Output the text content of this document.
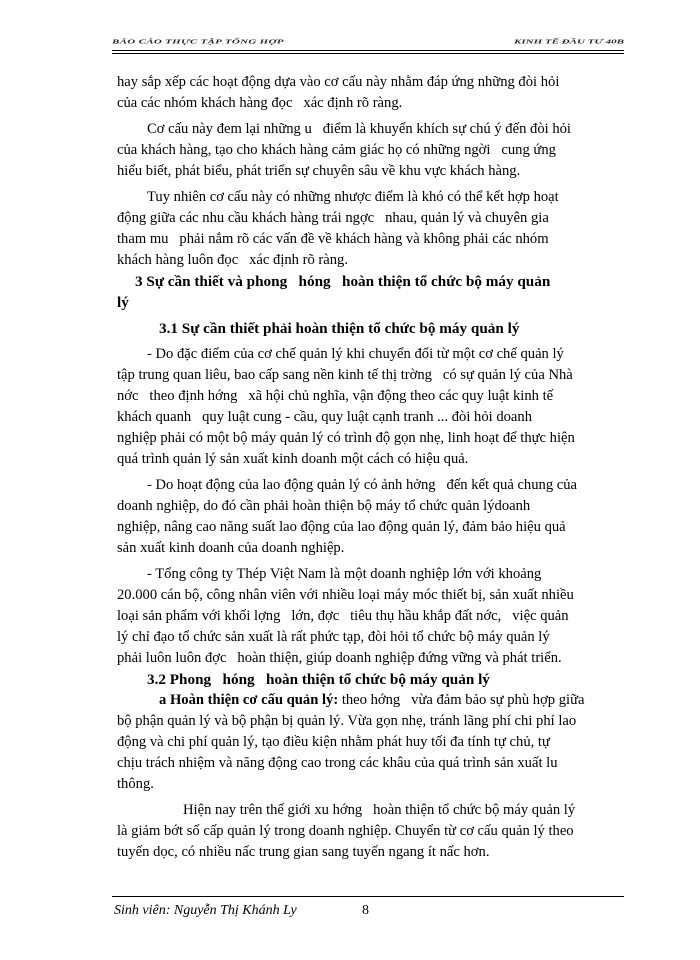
BÁO CÁO THỰC TẬP TỔNG HỢP	KINH TẾ ĐẦU TƯ 40B
hay sắp xếp các hoạt động dựa vào cơ cấu này nhằm đáp ứng những đòi hỏi
của các nhóm khách hàng đọc   xác định rõ ràng.
Cơ cấu này đem lại những u   điểm là khuyến khích sự chú ý đến đòi hỏi
của khách hàng, tạo cho khách hàng cảm giác họ có những ngời   cung ứng
hiểu biết, phát biểu, phát triển sự chuyên sâu về khu vực khách hàng.
Tuy nhiên cơ cấu này có những nhược điểm là khó có thể kết hợp hoạt
động giữa các nhu cầu khách hàng trái ngợc   nhau, quản lý và chuyên gia
tham mu   phải nắm rõ các vấn đề về khách hàng và không phải các nhóm
khách hàng luôn đọc   xác định rõ ràng.
3 Sự cần thiết và phong   hóng   hoàn thiện tổ chức bộ máy quản
lý
3.1 Sự cần thiết phải hoàn thiện tổ chức bộ máy quản lý
- Do đặc điểm của cơ chế quản lý khi chuyển đổi từ một cơ chế quản lý
tập trung quan liêu, bao cấp sang nền kinh tế thị trờng   có sự quản lý của Nhà
nớc   theo định hớng   xã hội chủ nghĩa, vận động theo các quy luật kinh tế
khách quanh   quy luật cung - cầu, quy luật cạnh tranh ... đòi hỏi doanh
nghiệp phải có một bộ máy quản lý có trình độ gọn nhẹ, linh hoạt để thực hiện
quá trình quản lý sản xuất kinh doanh một cách có hiệu quả.
- Do hoạt động của lao động quản lý có ảnh hởng   đến kết quả chung của
doanh nghiệp, do đó cần phải hoàn thiện bộ máy tổ chức quản lýdoanh
nghiệp, nâng cao năng suất lao động của lao động quản lý, đảm bảo hiệu quả
sản xuất kinh doanh của doanh nghiệp.
- Tổng công ty Thép Việt Nam là một doanh nghiệp lớn với khoảng
20.000 cán bộ, công nhân viên với nhiều loại máy móc thiết bị, sản xuất nhiều
loại sản phẩm với khối lợng   lớn, đợc   tiêu thụ hầu khắp đất nớc,   việc quản
lý chỉ đạo tổ chức sản xuất là rất phức tạp, đòi hỏi tổ chức bộ máy quản lý
phải luôn luôn đợc   hoàn thiện, giúp doanh nghiệp đứng vững và phát triển.
3.2 Phong   hóng   hoàn thiện tổ chức bộ máy quản lý
a Hoàn thiện cơ cấu quản lý: theo hớng   vừa đảm bảo sự phù hợp giữa
bộ phận quản lý và bộ phận bị quản lý. Vừa gọn nhẹ, tránh lãng phí chi phí lao
động và chi phí quản lý, tạo điều kiện nhằm phát huy tối đa tính tự chủ, tự
chịu trách nhiệm và năng động cao trong các khâu của quá trình sản xuất lu
thông.
Hiện nay trên thế giới xu hớng   hoàn thiện tổ chức bộ máy quản lý
là giảm bớt số cấp quản lý trong doanh nghiệp. Chuyển từ cơ cấu quản lý theo
tuyến dọc, có nhiều nấc trung gian sang tuyến ngang ít nấc hơn.
Sinh viên: Nguyễn Thị Khánh Ly	8
